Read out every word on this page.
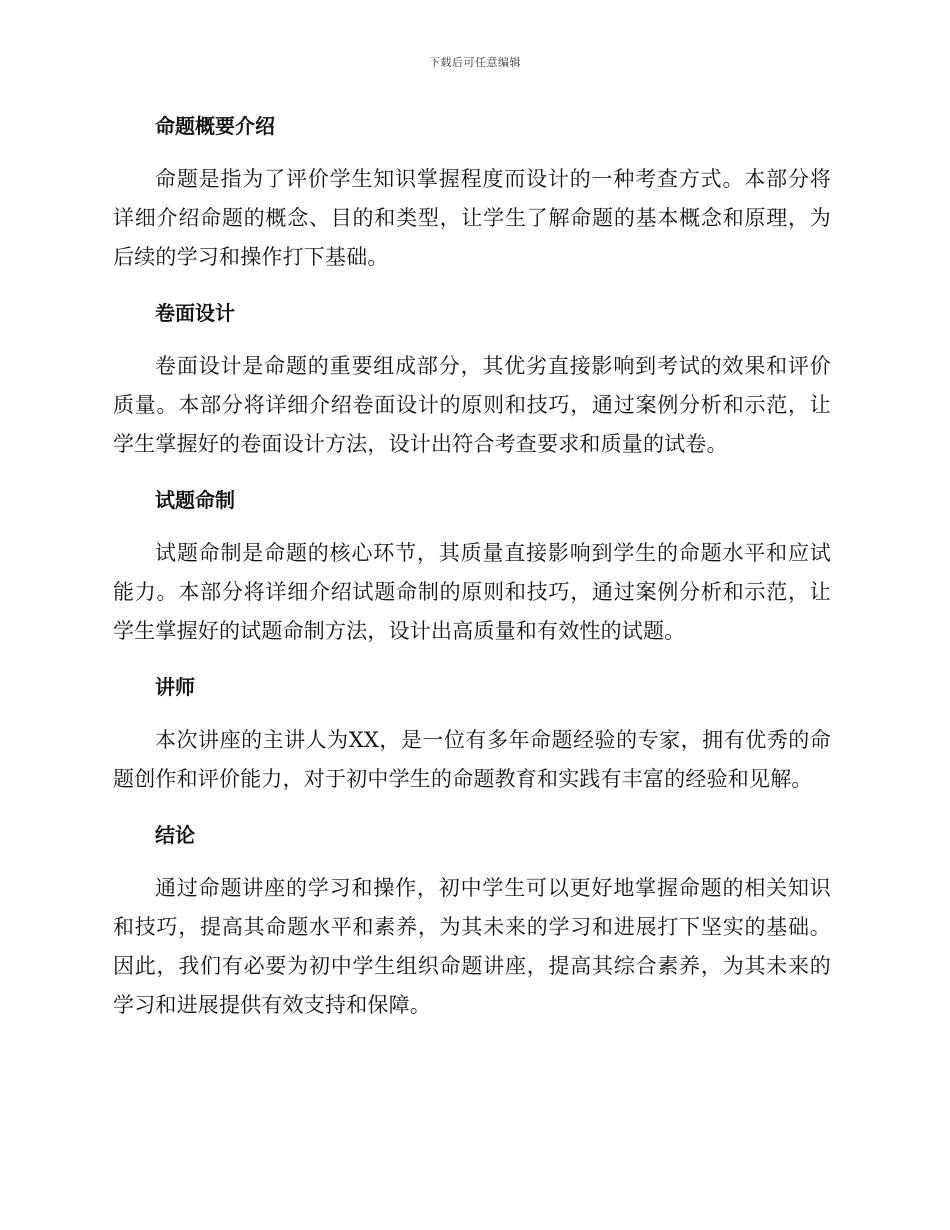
下载后可任意编辑
命题概要介绍

命题是指为了评价学生知识掌握程度而设计的一种考查方式。本部分将详细介绍命题的概念、目的和类型，让学生了解命题的基本概念和原理，为后续的学习和操作打下基础。

卷面设计

卷面设计是命题的重要组成部分，其优劣直接影响到考试的效果和评价质量。本部分将详细介绍卷面设计的原则和技巧，通过案例分析和示范，让学生掌握好的卷面设计方法，设计出符合考查要求和质量的试卷。

试题命制

试题命制是命题的核心环节，其质量直接影响到学生的命题水平和应试能力。本部分将详细介绍试题命制的原则和技巧，通过案例分析和示范，让学生掌握好的试题命制方法，设计出高质量和有效性的试题。

讲师

本次讲座的主讲人为XX，是一位有多年命题经验的专家，拥有优秀的命题创作和评价能力，对于初中学生的命题教育和实践有丰富的经验和见解。

结论

通过命题讲座的学习和操作，初中学生可以更好地掌握命题的相关知识和技巧，提高其命题水平和素养，为其未来的学习和进展打下坚实的基础。因此，我们有必要为初中学生组织命题讲座，提高其综合素养，为其未来的学习和进展提供有效支持和保障。
